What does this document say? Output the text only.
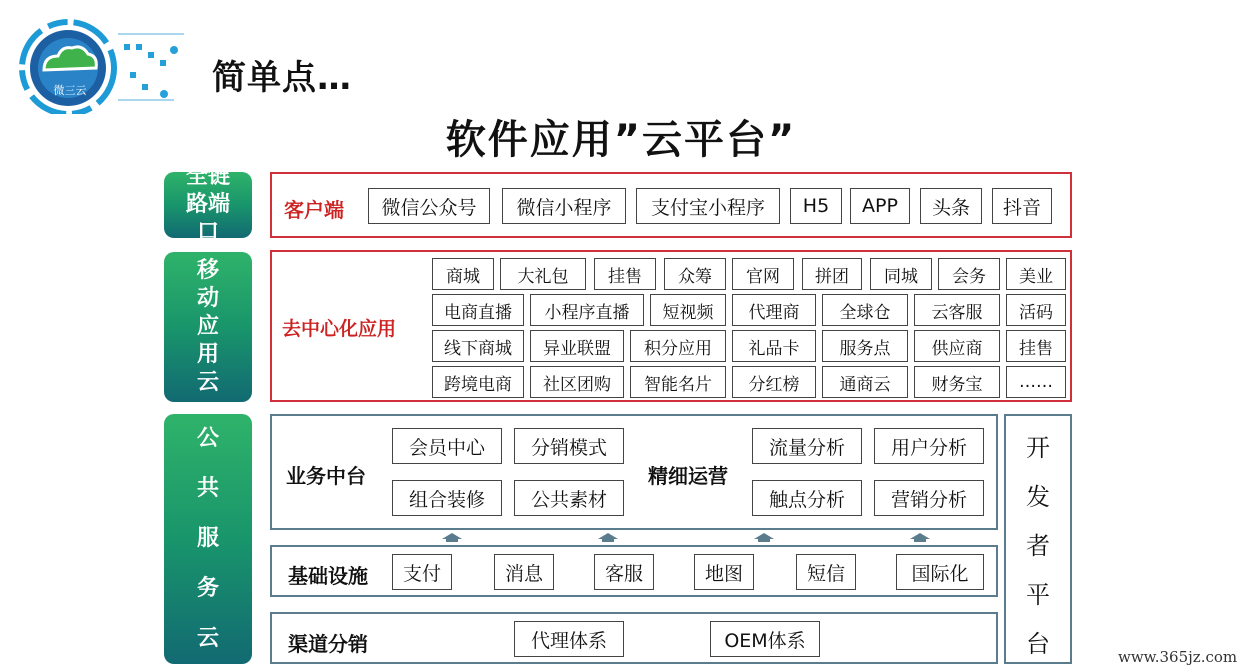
微三云	简单点…
软件应用”云平台”
全链路端　口
移动应用云
公共服务云
客户端	微信公众号	微信小程序	支付宝小程序	H5	APP	头条	抖音
去中心化应用
商城	大礼包	挂售	众筹	官网	拼团	同城	会务	美业
电商直播	小程序直播	短视频	代理商	全球仓	云客服	活码
线下商城	异业联盟	积分应用	礼品卡	服务点	供应商	挂售
跨境电商	社区团购	智能名片	分红榜	通商云	财务宝	……
业务中台
会员中心	分销模式
组合装修	公共素材
精细运营
流量分析	用户分析
触点分析	营销分析
基础设施	支付	消息	客服	地图	短信	国际化
渠道分销	代理体系	OEM体系
开发者平台	www.365jz.com
